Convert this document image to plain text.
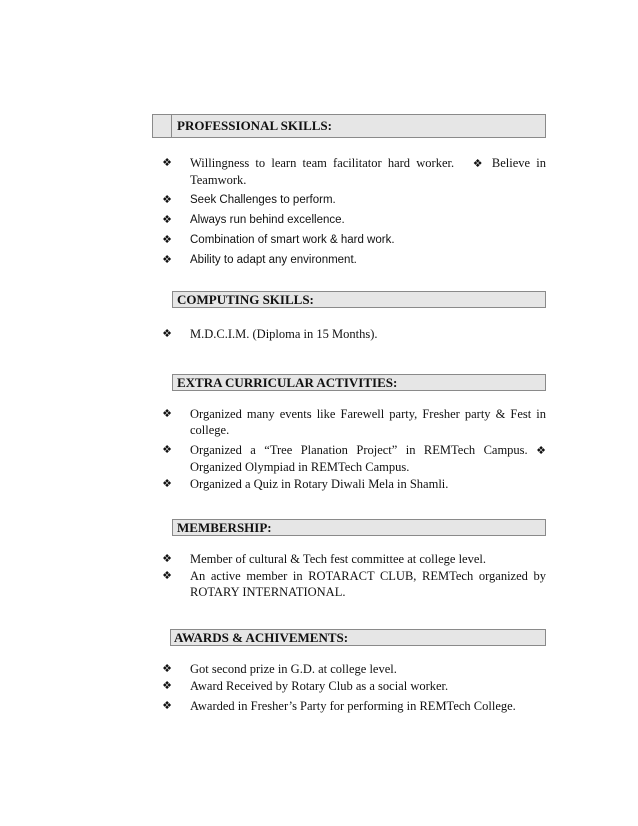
PROFESSIONAL SKILLS:
❖ Willingness to learn team facilitator hard worker. ❖ Believe in Teamwork.
❖ Seek Challenges to perform.
❖ Always run behind excellence.
❖ Combination of smart work & hard work.
❖ Ability to adapt any environment.
COMPUTING SKILLS:
❖ M.D.C.I.M. (Diploma in 15 Months).
EXTRA CURRICULAR ACTIVITIES:
❖ Organized many events like Farewell party, Fresher party & Fest in college.
❖ Organized a “Tree Planation Project” in REMTech Campus. ❖ Organized Olympiad in REMTech Campus.
❖ Organized a Quiz in Rotary Diwali Mela in Shamli.
MEMBERSHIP:
❖ Member of cultural & Tech fest committee at college level.
❖ An active member in ROTARACT CLUB, REMTech organized by ROTARY INTERNATIONAL.
AWARDS & ACHIVEMENTS:
❖ Got second prize in G.D. at college level.
❖ Award Received by Rotary Club as a social worker.
❖ Awarded in Fresher’s Party for performing in REMTech College.
